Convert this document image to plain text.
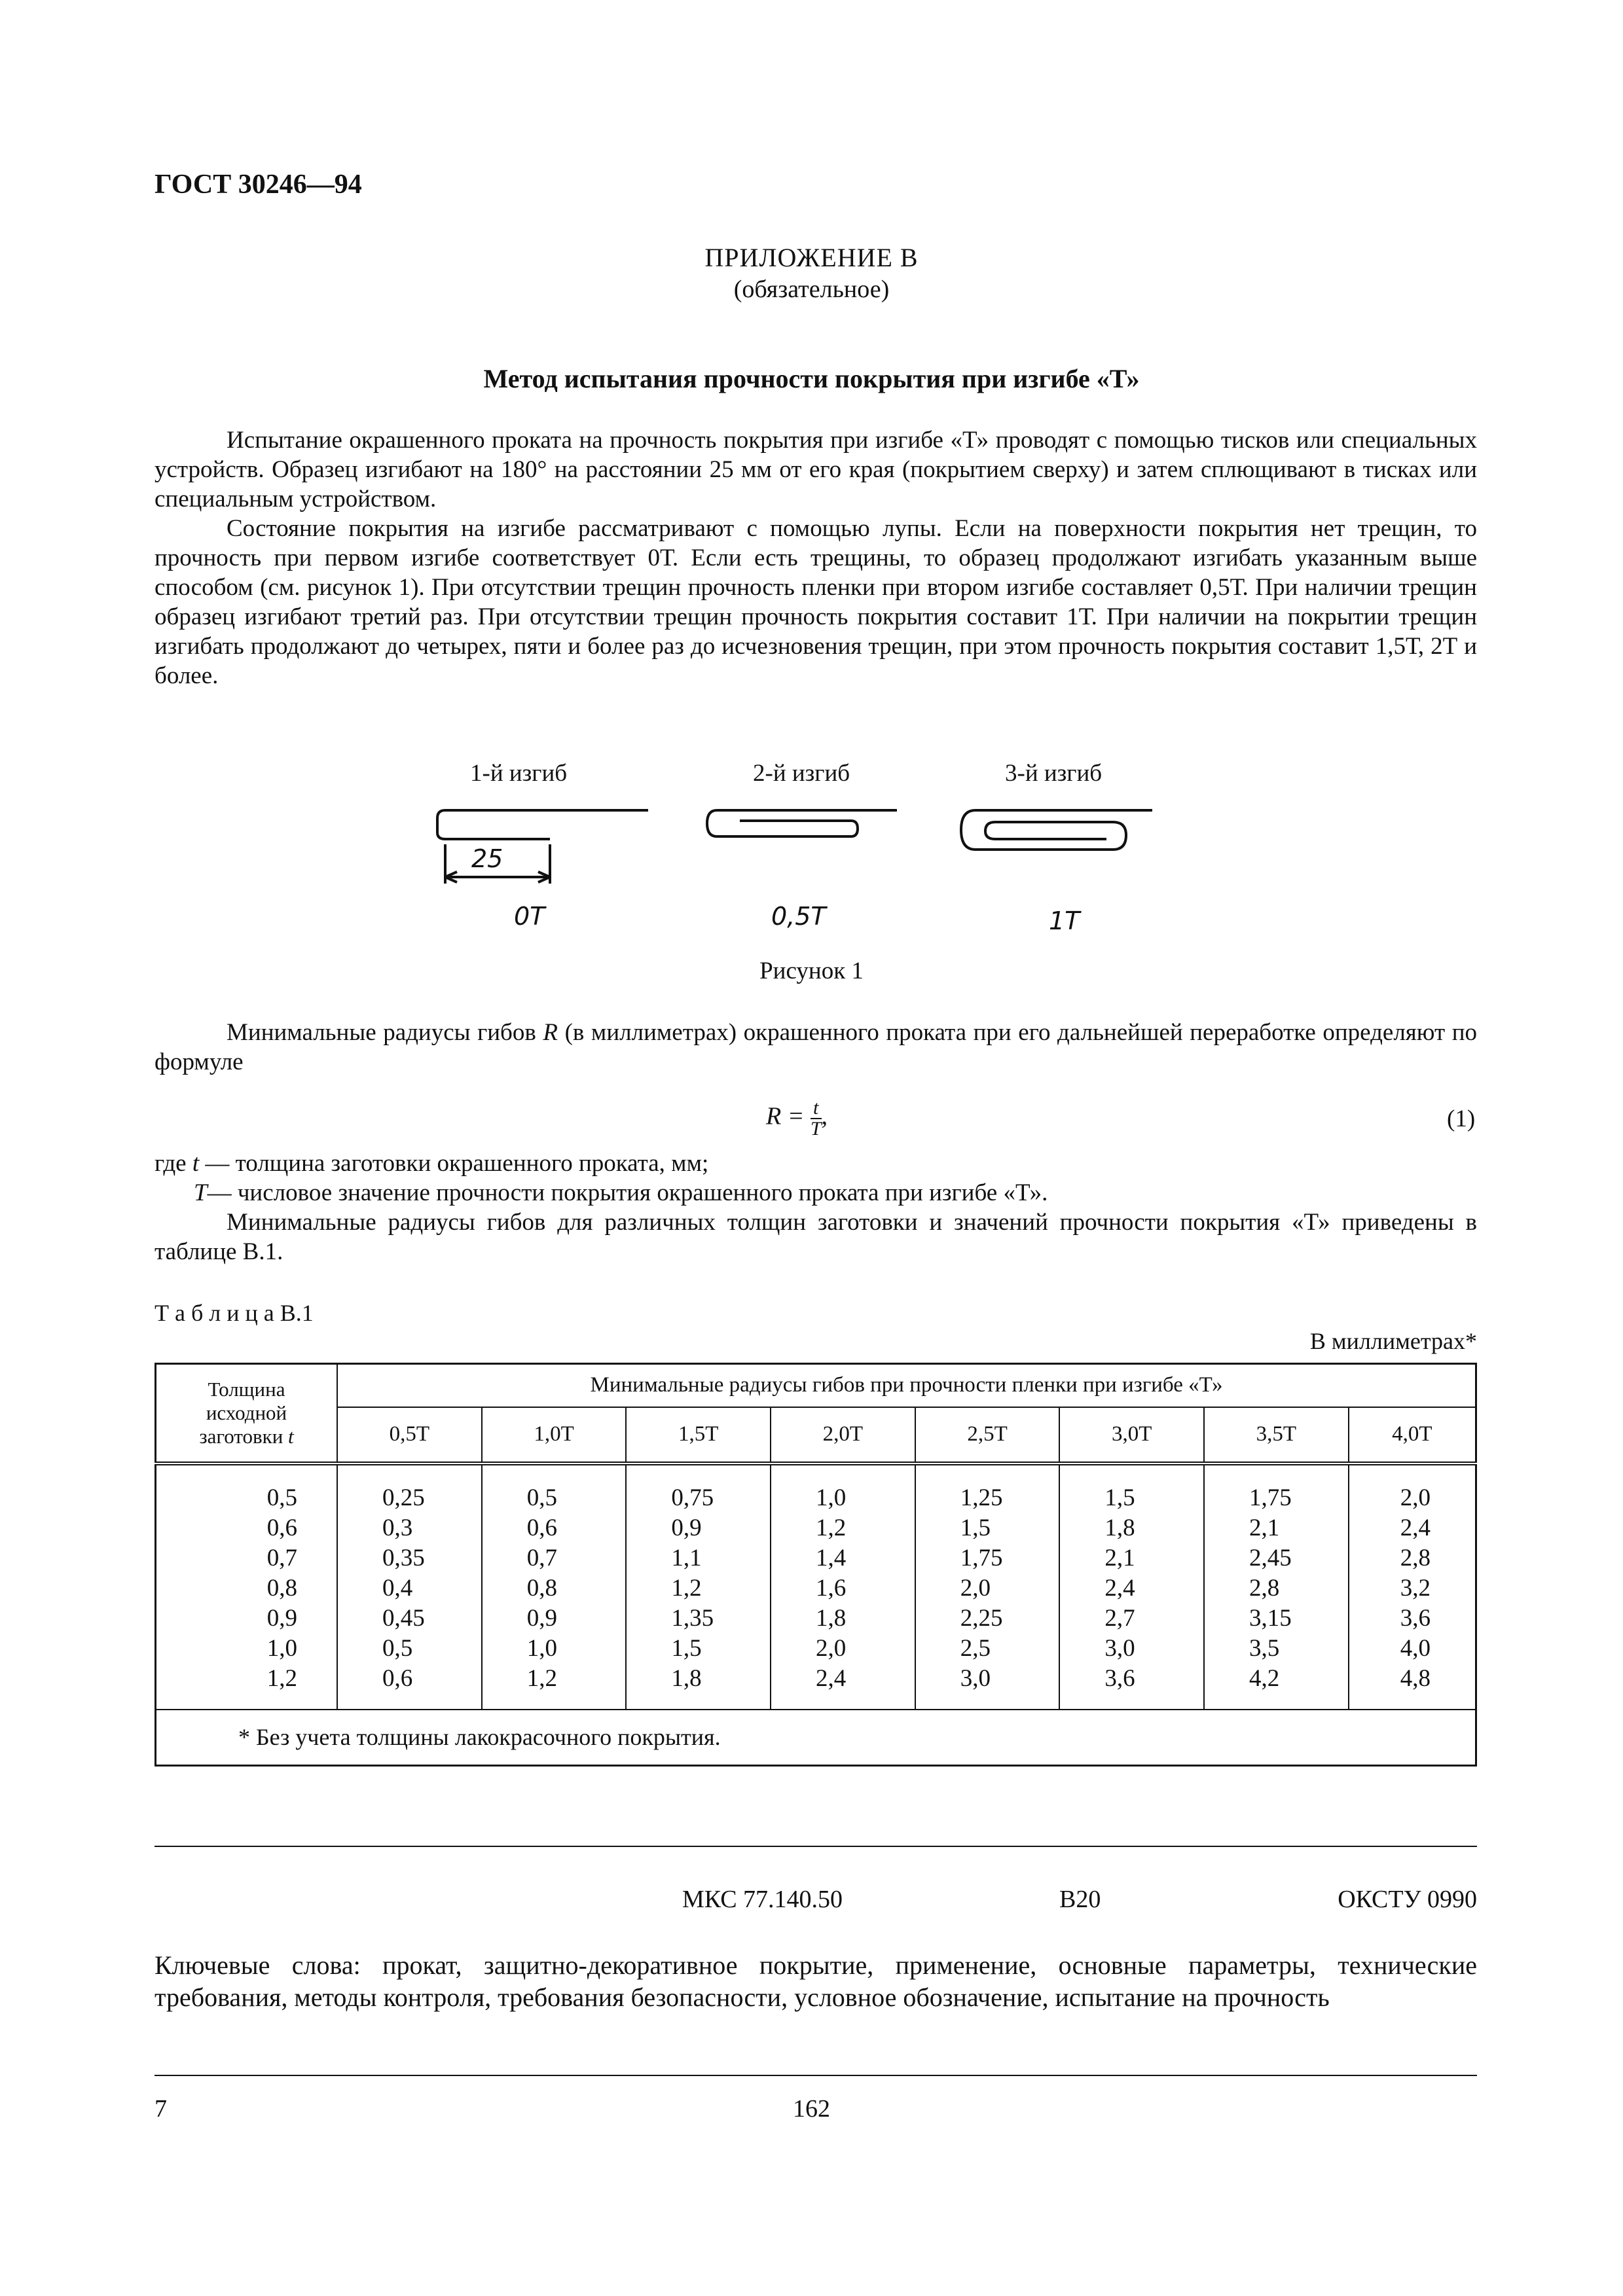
ГОСТ 30246—94
ПРИЛОЖЕНИЕ В
(обязательное)
Метод испытания прочности покрытия при изгибе «Т»

Испытание окрашенного проката на прочность покрытия при изгибе «Т» проводят с помощью тисков или специальных устройств. Образец изгибают на 180° на расстоянии 25 мм от его края (покрытием сверху) и затем сплющивают в тисках или специальным устройством.

Состояние покрытия на изгибе рассматривают с помощью лупы. Если на поверхности покрытия нет трещин, то прочность при первом изгибе соответствует 0Т. Если есть трещины, то образец продолжают изгибать указанным выше способом (см. рисунок 1). При отсутствии трещин прочность пленки при втором изгибе составляет 0,5Т. При наличии трещин образец изгибают третий раз. При отсутствии трещин прочность покрытия составит 1Т. При наличии на покрытии трещин изгибать продолжают до четырех, пяти и более раз до исчезновения трещин, при этом прочность покрытия составит 1,5Т, 2Т и более.

1-й изгиб	2-й изгиб	3-й изгиб
25
0T	0,5T	1T
Рисунок 1

Минимальные радиусы гибов R (в миллиметрах) окрашенного проката при его дальнейшей переработке определяют по формуле

$R = \frac{t}{T}$ ,	(1)
где t — толщина заготовки окрашенного проката, мм;
T— числовое значение прочности покрытия окрашенного проката при изгибе «Т».

Минимальные радиусы гибов для различных толщин заготовки и значений прочности покрытия «Т» приведены в таблице В.1.

Т а б л и ц а В.1
В миллиметрах*
Толщина
исходной
заготовки t	Минимальные радиусы гибов при прочности пленки при изгибе «Т»							
	0,5Т	1,0Т	1,5Т	2,0Т	2,5Т	3,0Т	3,5Т	4,0Т
0,5	0,25	0,5	0,75	1,0	1,25	1,5	1,75	2,0
0,6	0,3	0,6	0,9	1,2	1,5	1,8	2,1	2,4
0,7	0,35	0,7	1,1	1,4	1,75	2,1	2,45	2,8
0,8	0,4	0,8	1,2	1,6	2,0	2,4	2,8	3,2
0,9	0,45	0,9	1,35	1,8	2,25	2,7	3,15	3,6
1,0	0,5	1,0	1,5	2,0	2,5	3,0	3,5	4,0
1,2	0,6	1,2	1,8	2,4	3,0	3,6	4,2	4,8
* Без учета толщины лакокрасочного покрытия.								
МКС 77.140.50	В20	ОКСТУ 0990
Ключевые слова: прокат, защитно-декоративное покрытие, применение, основные параметры, технические требования, методы контроля, требования безопасности, условное обозначение, испытание на прочность
7	162
